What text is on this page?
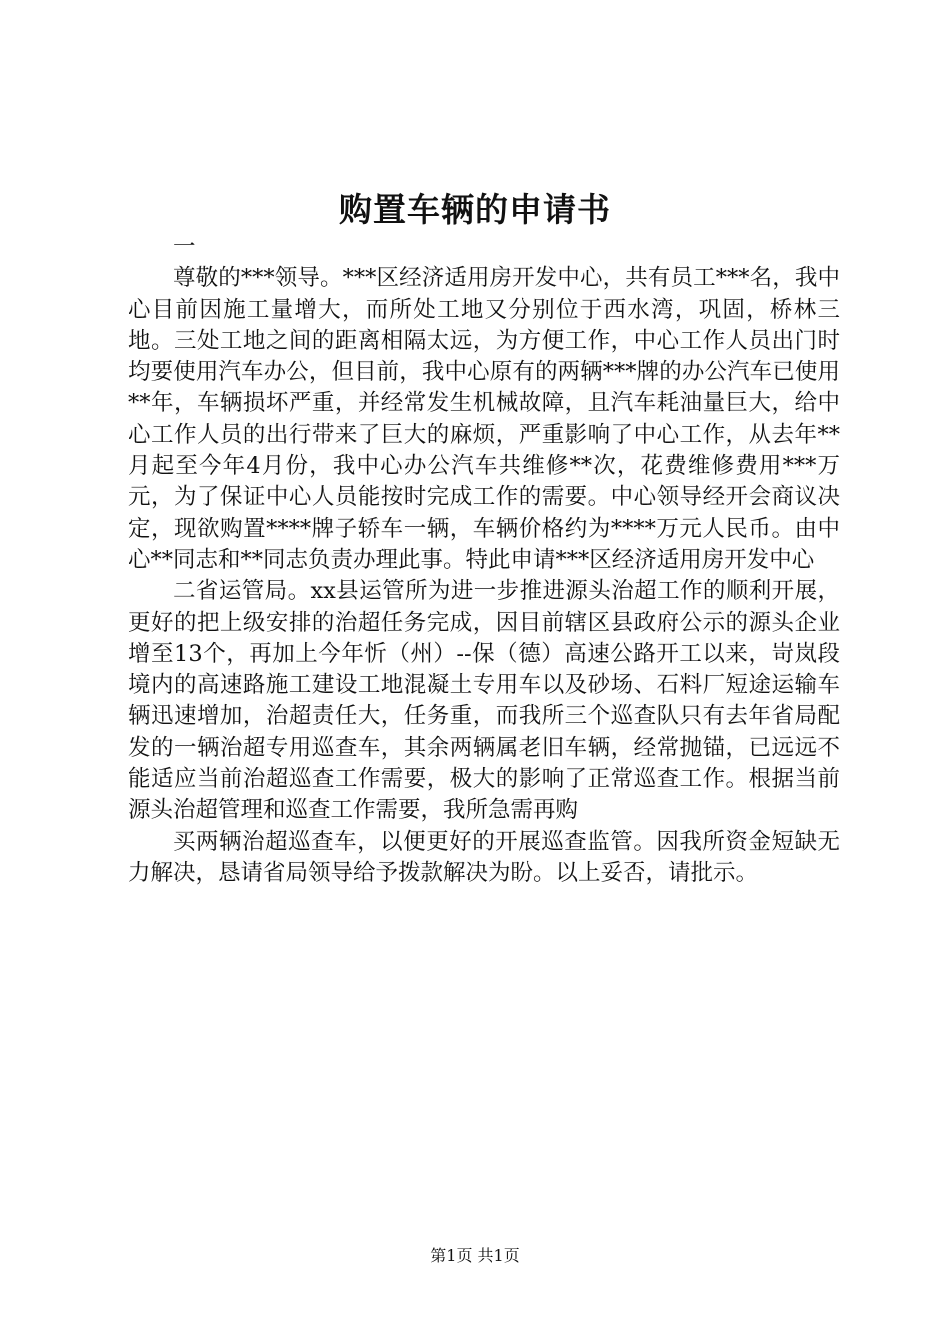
购置车辆的申请书

一

尊敬的***领导。***区经济适用房开发中心，共有员工***名，我中心目前因施工量增大，而所处工地又分别位于西水湾，巩固，桥林三地。三处工地之间的距离相隔太远，为方便工作，中心工作人员出门时均要使用汽车办公，但目前，我中心原有的两辆***牌的办公汽车已使用**年，车辆损坏严重，并经常发生机械故障，且汽车耗油量巨大，给中心工作人员的出行带来了巨大的麻烦，严重影响了中心工作，从去年**月起至今年4月份，我中心办公汽车共维修**次，花费维修费用***万元，为了保证中心人员能按时完成工作的需要。中心领导经开会商议决定，现欲购置****牌子轿车一辆，车辆价格约为****万元人民币。由中心**同志和**同志负责办理此事。特此申请***区经济适用房开发中心

二省运管局。xx县运管所为进一步推进源头治超工作的顺利开展，更好的把上级安排的治超任务完成，因目前辖区县政府公示的源头企业增至13个，再加上今年忻（州）--保（德）高速公路开工以来，岢岚段境内的高速路施工建设工地混凝土专用车以及砂场、石料厂短途运输车辆迅速增加，治超责任大，任务重，而我所三个巡查队只有去年省局配发的一辆治超专用巡查车，其余两辆属老旧车辆，经常抛锚，已远远不能适应当前治超巡查工作需要，极大的影响了正常巡查工作。根据当前源头治超管理和巡查工作需要，我所急需再购

买两辆治超巡查车，以便更好的开展巡查监管。因我所资金短缺无力解决，恳请省局领导给予拨款解决为盼。以上妥否，请批示。

第1页 共1页
